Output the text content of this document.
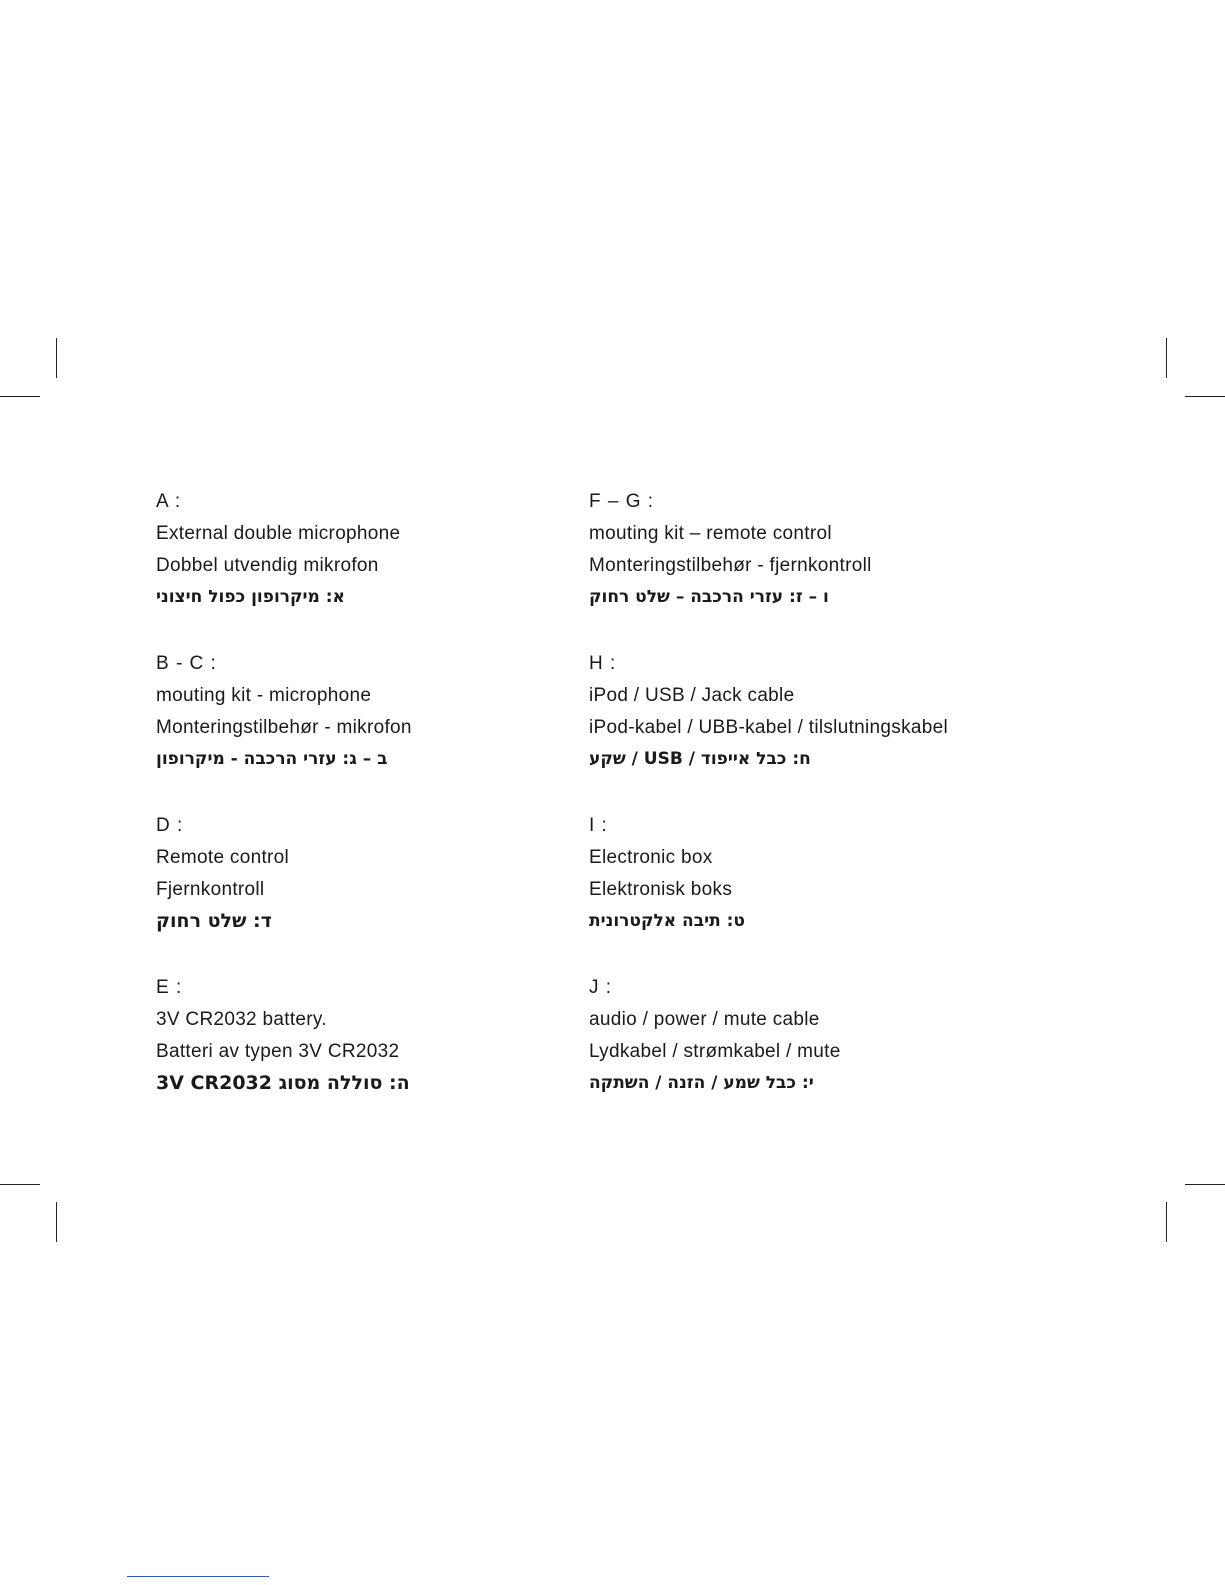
A :
External double microphone
Dobbel utvendig mikrofon
א: מיקרופון כפול חיצוני
B - C :
mouting kit - microphone
Monteringstilbehør - mikrofon
ב – ג: עזרי הרכבה - מיקרופון
D :
Remote control
Fjernkontroll
ד: שלט רחוק
E :
3V CR2032 battery.
Batteri av typen 3V CR2032
ה: סוללה מסוג 3V CR2032
F – G :
mouting kit – remote control
Monteringstilbehør - fjernkontroll
ו – ז: עזרי הרכבה – שלט רחוק
H :
iPod / USB / Jack cable
iPod-kabel / UBB-kabel / tilslutningskabel
ח: כבל אייפוד / USB / שקע
I :
Electronic box
Elektronisk boks
ט: תיבה אלקטרונית
J :
audio / power / mute cable
Lydkabel / strømkabel / mute
י: כבל שמע / הזנה / השתקה
